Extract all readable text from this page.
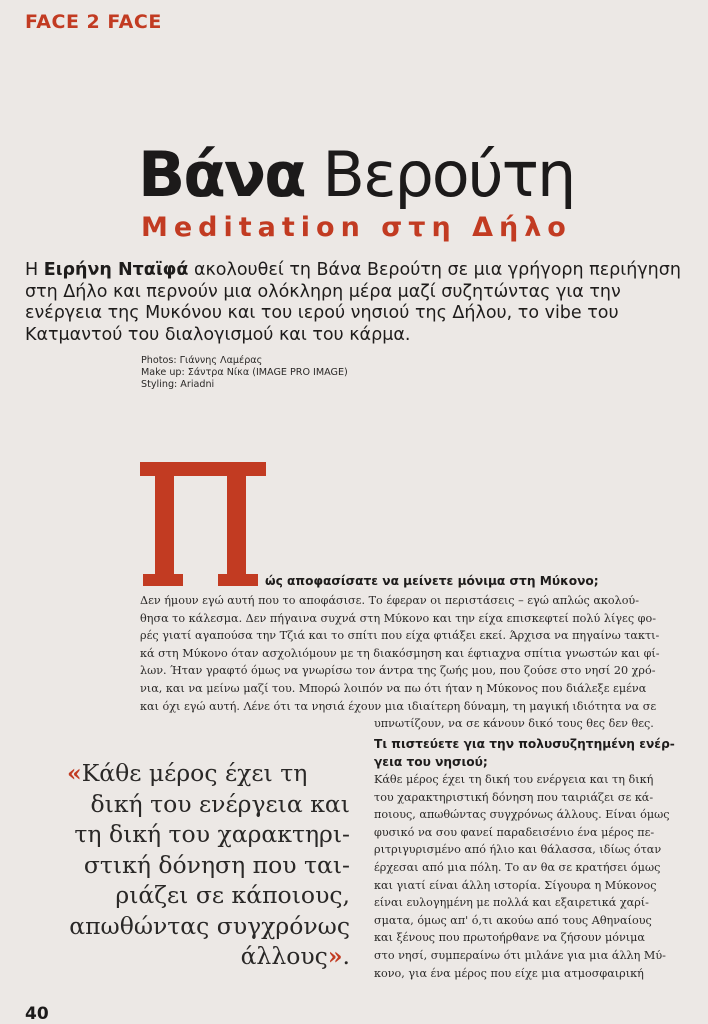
FACE 2 FACE
Βάνα Βερούτη
Meditation στη Δήλο
Η Ειρήνη Νταϊφά ακολουθεί τη Βάνα Βερούτη σε μια γρήγορη περιήγηση στη Δήλο και περνούν μια ολόκληρη μέρα μαζί συζητώντας για την ενέργεια της Μυκόνου και του ιερού νησιού της Δήλου, το vibe του Κατμαντού του διαλογισμού και του κάρμα.
Photos: Γιάννης Λαμέρας
Make up: Σάντρα Νίκα (IMAGE PRO IMAGE)
Styling: Ariadni
ώς αποφασίσατε να μείνετε μόνιμα στη Μύκονο;
Δεν ήμουν εγώ αυτή που το αποφάσισε. Το έφεραν οι περιστάσεις – εγώ απλώς ακολού-
θησα το κάλεσμα. Δεν πήγαινα συχνά στη Μύκονο και την είχα επισκεφτεί πολύ λίγες φο-
ρές γιατί αγαπούσα την Τζιά και το σπίτι που είχα φτιάξει εκεί. Άρχισα να πηγαίνω τακτι-
κά στη Μύκονο όταν ασχολιόμουν με τη διακόσμηση και έφτιαχνα σπίτια γνωστών και φί-
λων. Ήταν γραφτό όμως να γνωρίσω τον άντρα της ζωής μου, που ζούσε στο νησί 20 χρό-
νια, και να μείνω μαζί του. Μπορώ λοιπόν να πω ότι ήταν η Μύκονος που διάλεξε εμένα
και όχι εγώ αυτή. Λένε ότι τα νησιά έχουν μια ιδιαίτερη δύναμη, τη μαγική ιδιότητα να σε
υπνωτίζουν, να σε κάνουν δικό τους θες δεν θες.
Τι πιστεύετε για την πολυσυζητημένη ενέρ-
γεια του νησιού;
Κάθε μέρος έχει τη δική του ενέργεια και τη δική
του χαρακτηριστική δόνηση που ταιριάζει σε κά-
ποιους, απωθώντας συγχρόνως άλλους. Είναι όμως
φυσικό να σου φανεί παραδεισένιο ένα μέρος πε-
ριτριγυρισμένο από ήλιο και θάλασσα, ιδίως όταν
έρχεσαι από μια πόλη. Το αν θα σε κρατήσει όμως
και γιατί είναι άλλη ιστορία. Σίγουρα η Μύκονος
είναι ευλογημένη με πολλά και εξαιρετικά χαρί-
σματα, όμως απ' ό,τι ακούω από τους Αθηναίους
και ξένους που πρωτοήρθανε να ζήσουν μόνιμα
στο νησί, συμπεραίνω ότι μιλάνε για μια άλλη Μύ-
κονο, για ένα μέρος που είχε μια ατμοσφαιρική
«Κάθε μέρος έχει τη
δική του ενέργεια και
τη δική του χαρακτηρι-
στική δόνηση που ται-
ριάζει σε κάποιους,
απωθώντας συγχρόνως
άλλους».
40
